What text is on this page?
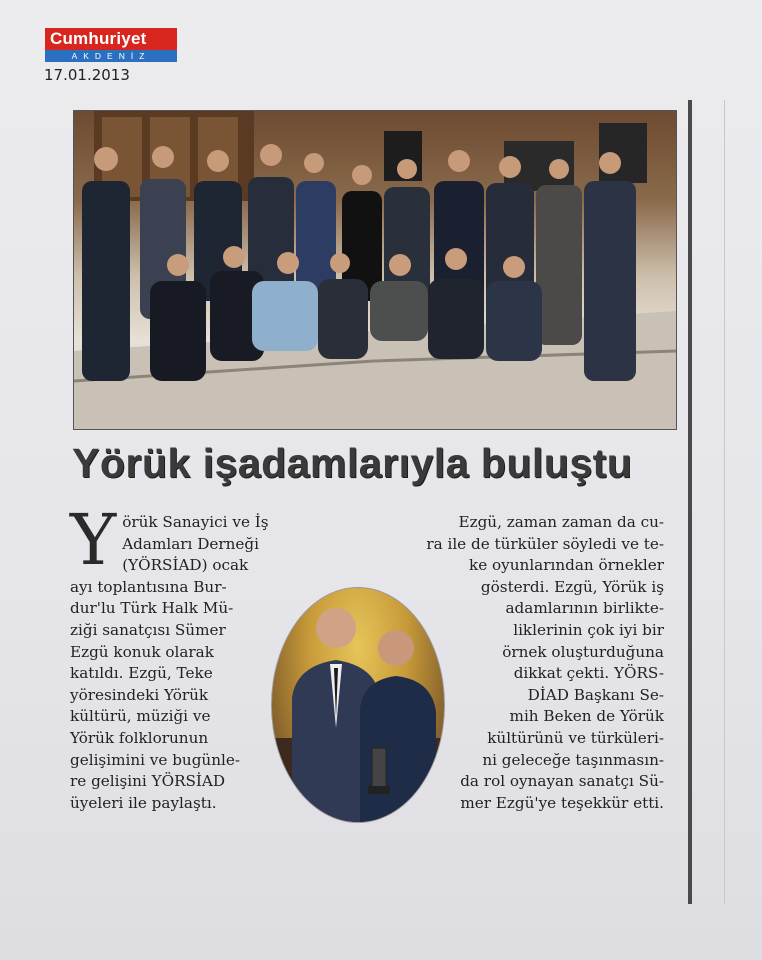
Cumhuriyet
AKDENİZ
17.01.2013
Yörük işadamlarıyla buluştu
Y örük Sanayici ve İş
Adamları Derneği
(YÖRSİAD) ocak
ayı toplantısına Bur-
dur'lu Türk Halk Mü-
ziği sanatçısı Sümer
Ezgü konuk olarak
katıldı. Ezgü, Teke
yöresindeki Yörük
kültürü, müziği ve
Yörük folklorunun
gelişimini ve bugünle-
re gelişini YÖRSİAD
üyeleri ile paylaştı.
Ezgü, zaman zaman da cu-
ra ile de türküler söyledi ve te-
ke oyunlarından örnekler
gösterdi. Ezgü, Yörük iş
adamlarının birlikte-
liklerinin çok iyi bir
örnek oluşturduğuna
dikkat çekti. YÖRS-
DİAD Başkanı Se-
mih Beken de Yörük
kültürünü ve türküleri-
ni geleceğe taşınmasın-
da rol oynayan sanatçı Sü-
mer Ezgü'ye teşekkür etti.
